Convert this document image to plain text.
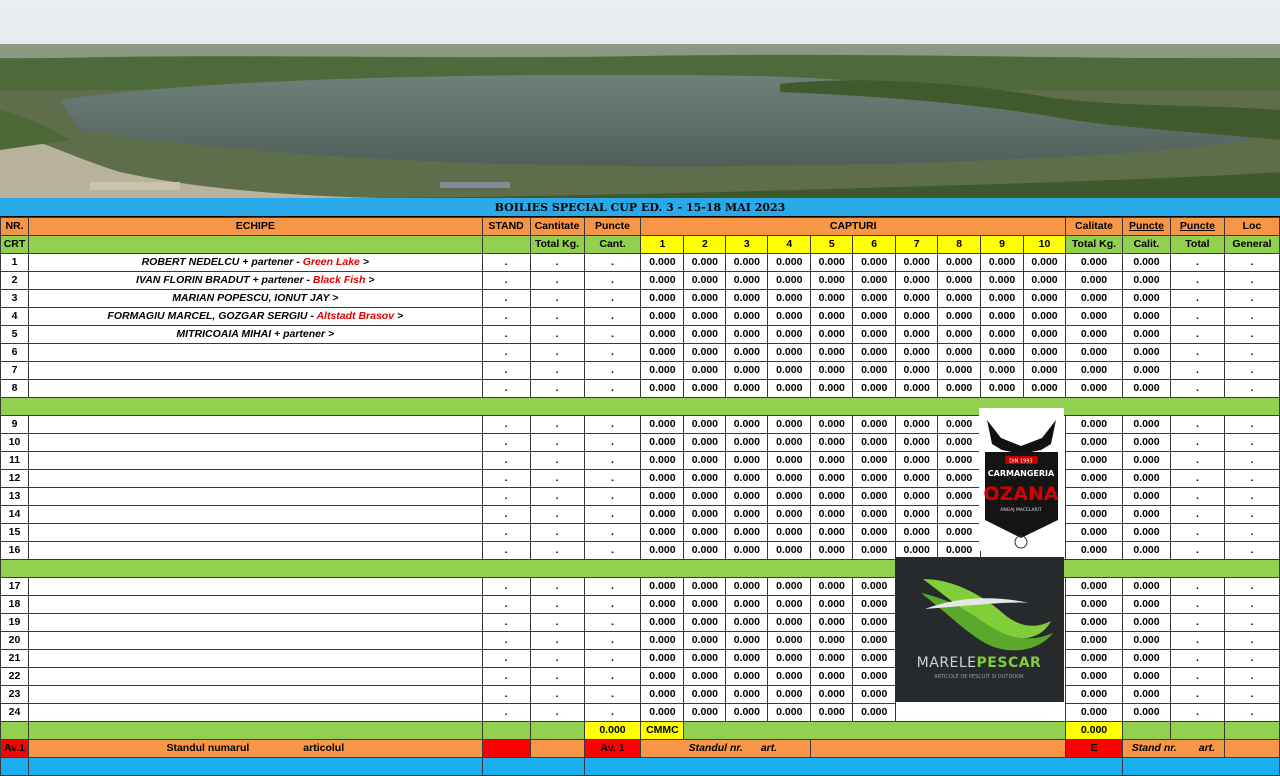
BOILIES SPECIAL CUP ED. 3 - 15-18 MAI 2023
NR.	ECHIPE	STAND	Cantitate	Puncte	CAPTURI										Calitate	Puncte	Puncte	Loc
CRT			Total Kg.	Cant.	1	2	3	4	5	6	7	8	9	10	Total Kg.	Calit.	Total	General
1	ROBERT NEDELCU + partener - Green Lake >	.	.	.	0.000	0.000	0.000	0.000	0.000	0.000	0.000	0.000	0.000	0.000	0.000	0.000	.	.
2	IVAN FLORIN BRADUT + partener - Black Fish >	.	.	.	0.000	0.000	0.000	0.000	0.000	0.000	0.000	0.000	0.000	0.000	0.000	0.000	.	.
3	MARIAN POPESCU, IONUT JAY >	.	.	.	0.000	0.000	0.000	0.000	0.000	0.000	0.000	0.000	0.000	0.000	0.000	0.000	.	.
4	FORMAGIU MARCEL, GOZGAR SERGIU - Altstadt Brasov >	.	.	.	0.000	0.000	0.000	0.000	0.000	0.000	0.000	0.000	0.000	0.000	0.000	0.000	.	.
5	MITRICOAIA MIHAI + partener >	.	.	.	0.000	0.000	0.000	0.000	0.000	0.000	0.000	0.000	0.000	0.000	0.000	0.000	.	.
6		.	.	.	0.000	0.000	0.000	0.000	0.000	0.000	0.000	0.000	0.000	0.000	0.000	0.000	.	.
7		.	.	.	0.000	0.000	0.000	0.000	0.000	0.000	0.000	0.000	0.000	0.000	0.000	0.000	.	.
8		.	.	.	0.000	0.000	0.000	0.000	0.000	0.000	0.000	0.000	0.000	0.000	0.000	0.000	.	.

9		.	.	.	0.000	0.000	0.000	0.000	0.000	0.000	0.000	0.000			0.000	0.000	.	.
10		.	.	.	0.000	0.000	0.000	0.000	0.000	0.000	0.000	0.000			0.000	0.000	.	.
11		.	.	.	0.000	0.000	0.000	0.000	0.000	0.000	0.000	0.000			0.000	0.000	.	.
12		.	.	.	0.000	0.000	0.000	0.000	0.000	0.000	0.000	0.000			0.000	0.000	.	.
13		.	.	.	0.000	0.000	0.000	0.000	0.000	0.000	0.000	0.000			0.000	0.000	.	.
14		.	.	.	0.000	0.000	0.000	0.000	0.000	0.000	0.000	0.000			0.000	0.000	.	.
15		.	.	.	0.000	0.000	0.000	0.000	0.000	0.000	0.000	0.000			0.000	0.000	.	.
16		.	.	.	0.000	0.000	0.000	0.000	0.000	0.000	0.000	0.000			0.000	0.000	.	.

17		.	.	.	0.000	0.000	0.000	0.000	0.000	0.000					0.000	0.000	.	.
18		.	.	.	0.000	0.000	0.000	0.000	0.000	0.000					0.000	0.000	.	.
19		.	.	.	0.000	0.000	0.000	0.000	0.000	0.000					0.000	0.000	.	.
20		.	.	.	0.000	0.000	0.000	0.000	0.000	0.000					0.000	0.000	.	.
21		.	.	.	0.000	0.000	0.000	0.000	0.000	0.000					0.000	0.000	.	.
22		.	.	.	0.000	0.000	0.000	0.000	0.000	0.000					0.000	0.000	.	.
23		.	.	.	0.000	0.000	0.000	0.000	0.000	0.000					0.000	0.000	.	.
24		.	.	.	0.000	0.000	0.000	0.000	0.000	0.000					0.000	0.000	.	.
				0.000	CMMC										0.000			
Av.1	Standul numarul articolul			Av. 1	Standul nr. art.										E	Stand nr. art.		

DIN 1993
CARMANGERIA
OZANA
ANGAJ MACELARIT
MARELEPESCAR
ARTICOLE DE PESCUIT SI OUTDOOR
